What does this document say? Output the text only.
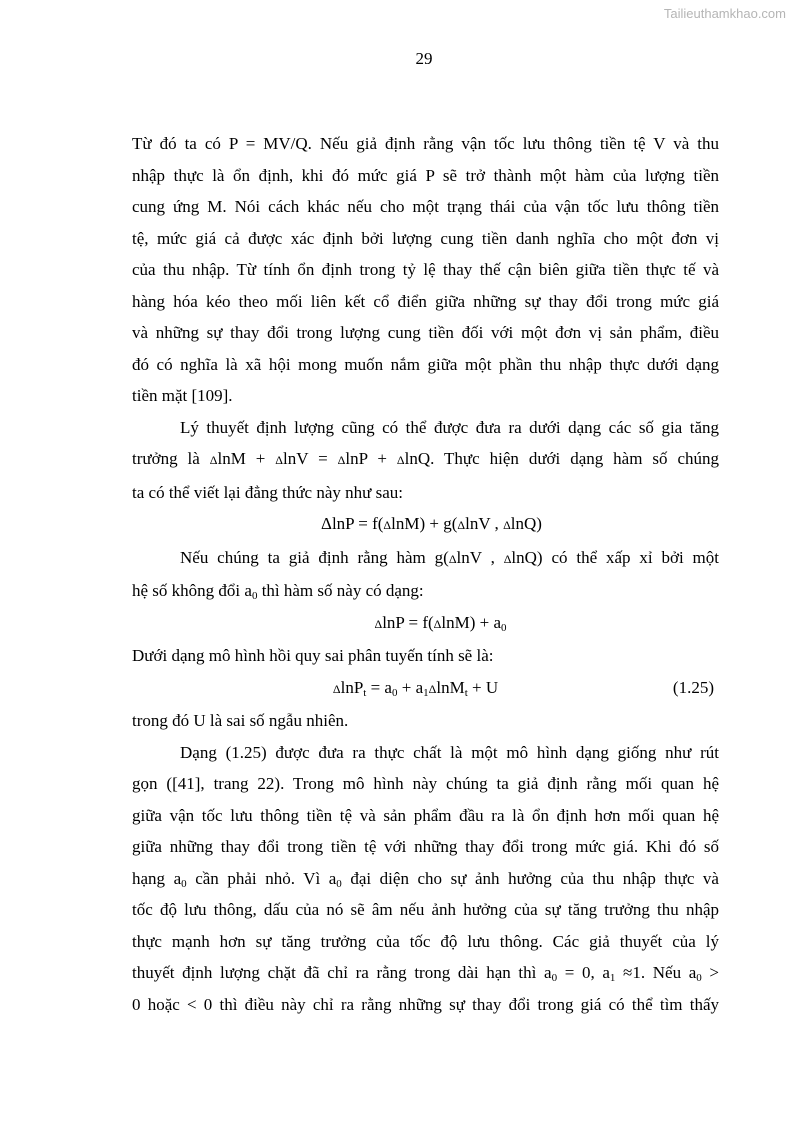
Tailieuthamkhao.com
29

Từ đó ta có P = MV/Q. Nếu giả định rằng vận tốc lưu thông tiền tệ V và thu
nhập thực là ổn định, khi đó mức giá P sẽ trở thành một hàm của lượng tiền
cung ứng M. Nói cách khác nếu cho một trạng thái của vận tốc lưu thông tiền
tệ, mức giá cả được xác định bởi lượng cung tiền danh nghĩa cho một đơn vị
của thu nhập. Từ tính ổn định trong tỷ lệ thay thế cận biên giữa tiền thực tế và
hàng hóa kéo theo mối liên kết cổ điển giữa những sự thay đổi trong mức giá
và những sự thay đổi trong lượng cung tiền đối với một đơn vị sản phẩm, điều
đó có nghĩa là xã hội mong muốn nắm giữa một phần thu nhập thực dưới dạng
tiền mặt [109].

Lý thuyết định lượng cũng có thể được đưa ra dưới dạng các số gia tăng
trưởng là ΔlnM + ΔlnV = ΔlnP + ΔlnQ. Thực hiện dưới dạng hàm số chúng
ta có thể viết lại đẳng thức này như sau:

ΔlnP = f(ΔlnM) + g(ΔlnV , ΔlnQ)

Nếu chúng ta giả định rằng hàm g(ΔlnV , ΔlnQ) có thể xấp xỉ bởi một
hệ số không đổi $a_0$ thì hàm số này có dạng:

$\Delta\ln P = f(\Delta\ln M) + a_0$

Dưới dạng mô hình hồi quy sai phân tuyến tính sẽ là:

$\Delta\ln P_t = a_0 + a_1\Delta\ln M_t + U$	(1.25)

trong đó U là sai số ngẫu nhiên.

Dạng (1.25) được đưa ra thực chất là một mô hình dạng giống như rút
gọn ([41], trang 22). Trong mô hình này chúng ta giả định rằng mối quan hệ
giữa vận tốc lưu thông tiền tệ và sản phẩm đầu ra là ổn định hơn mối quan hệ
giữa những thay đổi trong tiền tệ với những thay đổi trong mức giá. Khi đó số
hạng $a_0$ cần phải nhỏ. Vì $a_0$ đại diện cho sự ảnh hưởng của thu nhập thực và
tốc độ lưu thông, dấu của nó sẽ âm nếu ảnh hưởng của sự tăng trưởng thu nhập
thực mạnh hơn sự tăng trưởng của tốc độ lưu thông. Các giả thuyết của lý
thuyết định lượng chặt đã chỉ ra rằng trong dài hạn thì $a_0 = 0$, $a_1 \approx 1$. Nếu $a_0$ >
0 hoặc < 0 thì điều này chỉ ra rằng những sự thay đổi trong giá có thể tìm thấy
